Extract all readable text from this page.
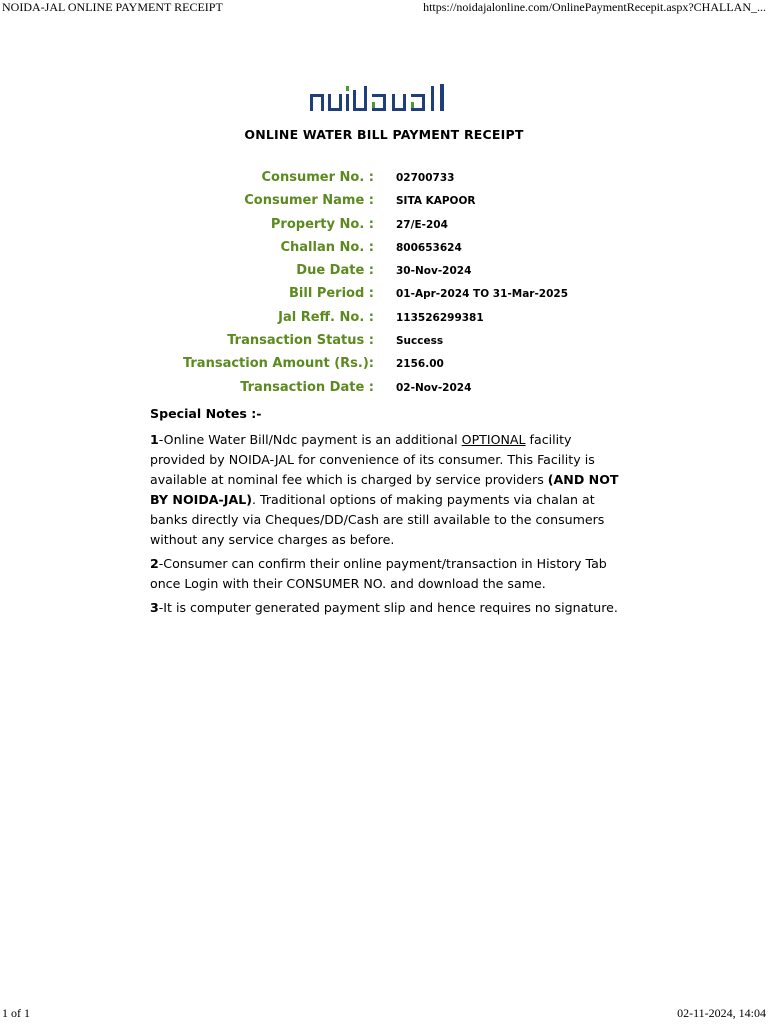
NOIDA-JAL ONLINE PAYMENT RECEIPT	https://noidajalonline.com/OnlinePaymentRecepit.aspx?CHALLAN_...
ONLINE WATER BILL PAYMENT RECEIPT
Consumer No. : 02700733
Consumer Name : SITA KAPOOR
Property No. : 27/E-204
Challan No. : 800653624
Due Date : 30-Nov-2024
Bill Period : 01-Apr-2024 TO 31-Mar-2025
Jal Reff. No. : 113526299381
Transaction Status : Success
Transaction Amount (Rs.): 2156.00
Transaction Date : 02-Nov-2024

Special Notes :-

1-Online Water Bill/Ndc payment is an additional OPTIONAL facility provided by NOIDA-JAL for convenience of its consumer. This Facility is available at nominal fee which is charged by service providers (AND NOT BY NOIDA-JAL). Traditional options of making payments via chalan at banks directly via Cheques/DD/Cash are still available to the consumers without any service charges as before.

2-Consumer can confirm their online payment/transaction in History Tab once Login with their CONSUMER NO. and download the same.

3-It is computer generated payment slip and hence requires no signature.

1 of 1	02-11-2024, 14:04
